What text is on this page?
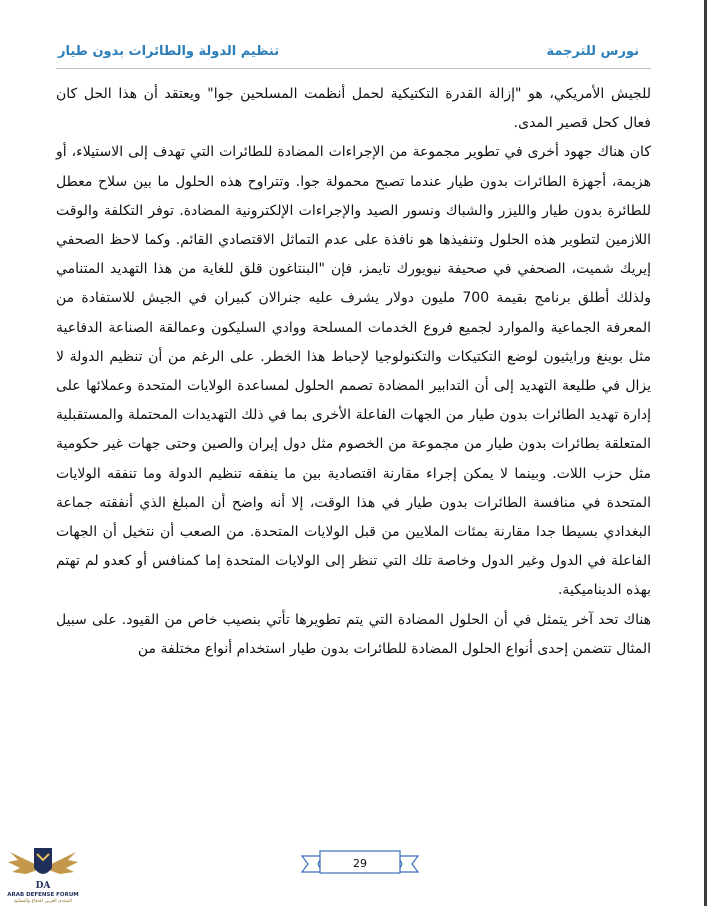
تنظيم الدولة والطائرات بدون طيار	نورس للترجمة

للجيش الأمريكي، هو "إزالة القدرة التكتيكية لحمل أنظمت المسلحين جوا" ويعتقد أن هذا الحل كان فعال كحل قصير المدى.

كان هناك جهود أخرى في تطوير مجموعة من الإجراءات المضادة للطائرات التي تهدف إلى الاستيلاء، أو هزيمة، أجهزة الطائرات بدون طيار عندما تصبح محمولة جوا. وتتراوح هذه الحلول ما بين سلاح معطل للطائرة بدون طيار والليزر والشباك ونسور الصيد والإجراءات الإلكترونية المضادة. توفر التكلفة والوقت اللازمين لتطوير هذه الحلول وتنفيذها هو نافذة على عدم التماثل الاقتصادي القائم. وكما لاحظ الصحفي إيريك شميت، الصحفي في صحيفة نيويورك تايمز، فإن "البنتاغون قلق للغاية من هذا التهديد المتنامي ولذلك أطلق برنامج بقيمة 700 مليون دولار يشرف عليه جنرالان كبيران في الجيش للاستفادة من المعرفة الجماعية والموارد لجميع فروع الخدمات المسلحة ووادي السليكون وعمالقة الصناعة الدفاعية مثل بوينغ ورايثيون لوضع التكتيكات والتكنولوجيا لإحباط هذا الخطر. على الرغم من أن تنظيم الدولة لا يزال في طليعة التهديد إلى أن التدابير المضادة تصمم الحلول لمساعدة الولايات المتحدة وعملائها على إدارة تهديد الطائرات بدون طيار من الجهات الفاعلة الأخرى بما في ذلك التهديدات المحتملة والمستقبلية المتعلقة بطائرات بدون طيار من مجموعة من الخصوم مثل دول إيران والصين وحتى جهات غير حكومية مثل حزب اللات. وبينما لا يمكن إجراء مقارنة اقتصادية بين ما ينفقه تنظيم الدولة وما تنفقه الولايات المتحدة في منافسة الطائرات بدون طيار في هذا الوقت، إلا أنه واضح أن المبلغ الذي أنفقته جماعة البغدادي بسيطا جدا مقارنة بمئات الملايين من قبل الولايات المتحدة. من الصعب أن نتخيل أن الجهات الفاعلة في الدول وغير الدول وخاصة تلك التي تنظر إلى الولايات المتحدة إما كمنافس أو كعدو لم تهتم بهذه الديناميكية.

هناك تحد آخر يتمثل في أن الحلول المضادة التي يتم تطويرها تأتي بنصيب خاص من القيود. على سبيل المثال تتضمن إحدى أنواع الحلول المضادة للطائرات بدون طيار استخدام أنواع مختلفة من

29
DA
ARAB DEFENSE FORUM
المنتدى العربي للدفاع والتسليح
